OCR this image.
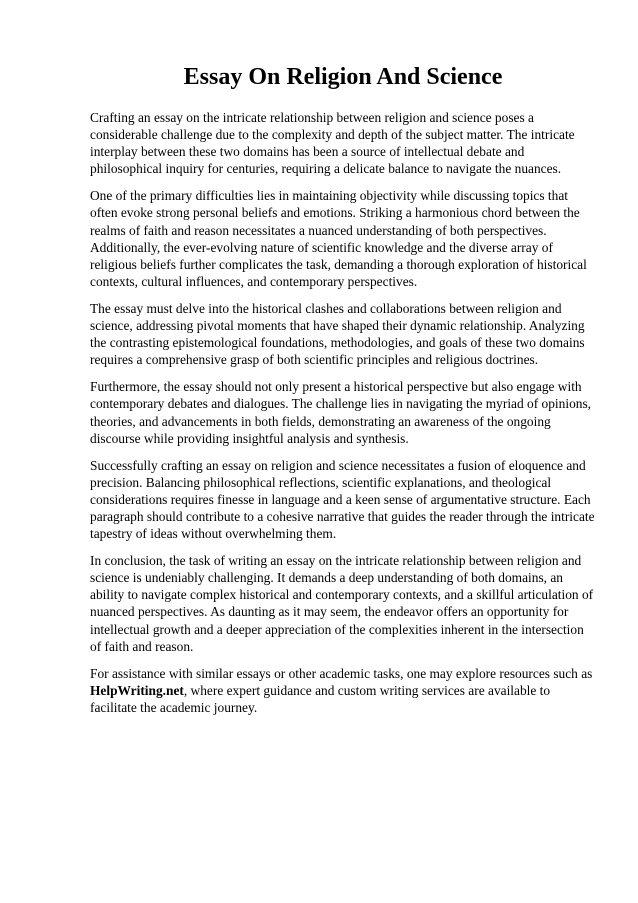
Essay On Religion And Science

Crafting an essay on the intricate relationship between religion and science poses a considerable challenge due to the complexity and depth of the subject matter. The intricate interplay between these two domains has been a source of intellectual debate and philosophical inquiry for centuries, requiring a delicate balance to navigate the nuances.

One of the primary difficulties lies in maintaining objectivity while discussing topics that often evoke strong personal beliefs and emotions. Striking a harmonious chord between the realms of faith and reason necessitates a nuanced understanding of both perspectives. Additionally, the ever-evolving nature of scientific knowledge and the diverse array of religious beliefs further complicates the task, demanding a thorough exploration of historical contexts, cultural influences, and contemporary perspectives.

The essay must delve into the historical clashes and collaborations between religion and science, addressing pivotal moments that have shaped their dynamic relationship. Analyzing the contrasting epistemological foundations, methodologies, and goals of these two domains requires a comprehensive grasp of both scientific principles and religious doctrines.

Furthermore, the essay should not only present a historical perspective but also engage with contemporary debates and dialogues. The challenge lies in navigating the myriad of opinions, theories, and advancements in both fields, demonstrating an awareness of the ongoing discourse while providing insightful analysis and synthesis.

Successfully crafting an essay on religion and science necessitates a fusion of eloquence and precision. Balancing philosophical reflections, scientific explanations, and theological considerations requires finesse in language and a keen sense of argumentative structure. Each paragraph should contribute to a cohesive narrative that guides the reader through the intricate tapestry of ideas without overwhelming them.

In conclusion, the task of writing an essay on the intricate relationship between religion and science is undeniably challenging. It demands a deep understanding of both domains, an ability to navigate complex historical and contemporary contexts, and a skillful articulation of nuanced perspectives. As daunting as it may seem, the endeavor offers an opportunity for intellectual growth and a deeper appreciation of the complexities inherent in the intersection of faith and reason.

For assistance with similar essays or other academic tasks, one may explore resources such as HelpWriting.net, where expert guidance and custom writing services are available to facilitate the academic journey.
